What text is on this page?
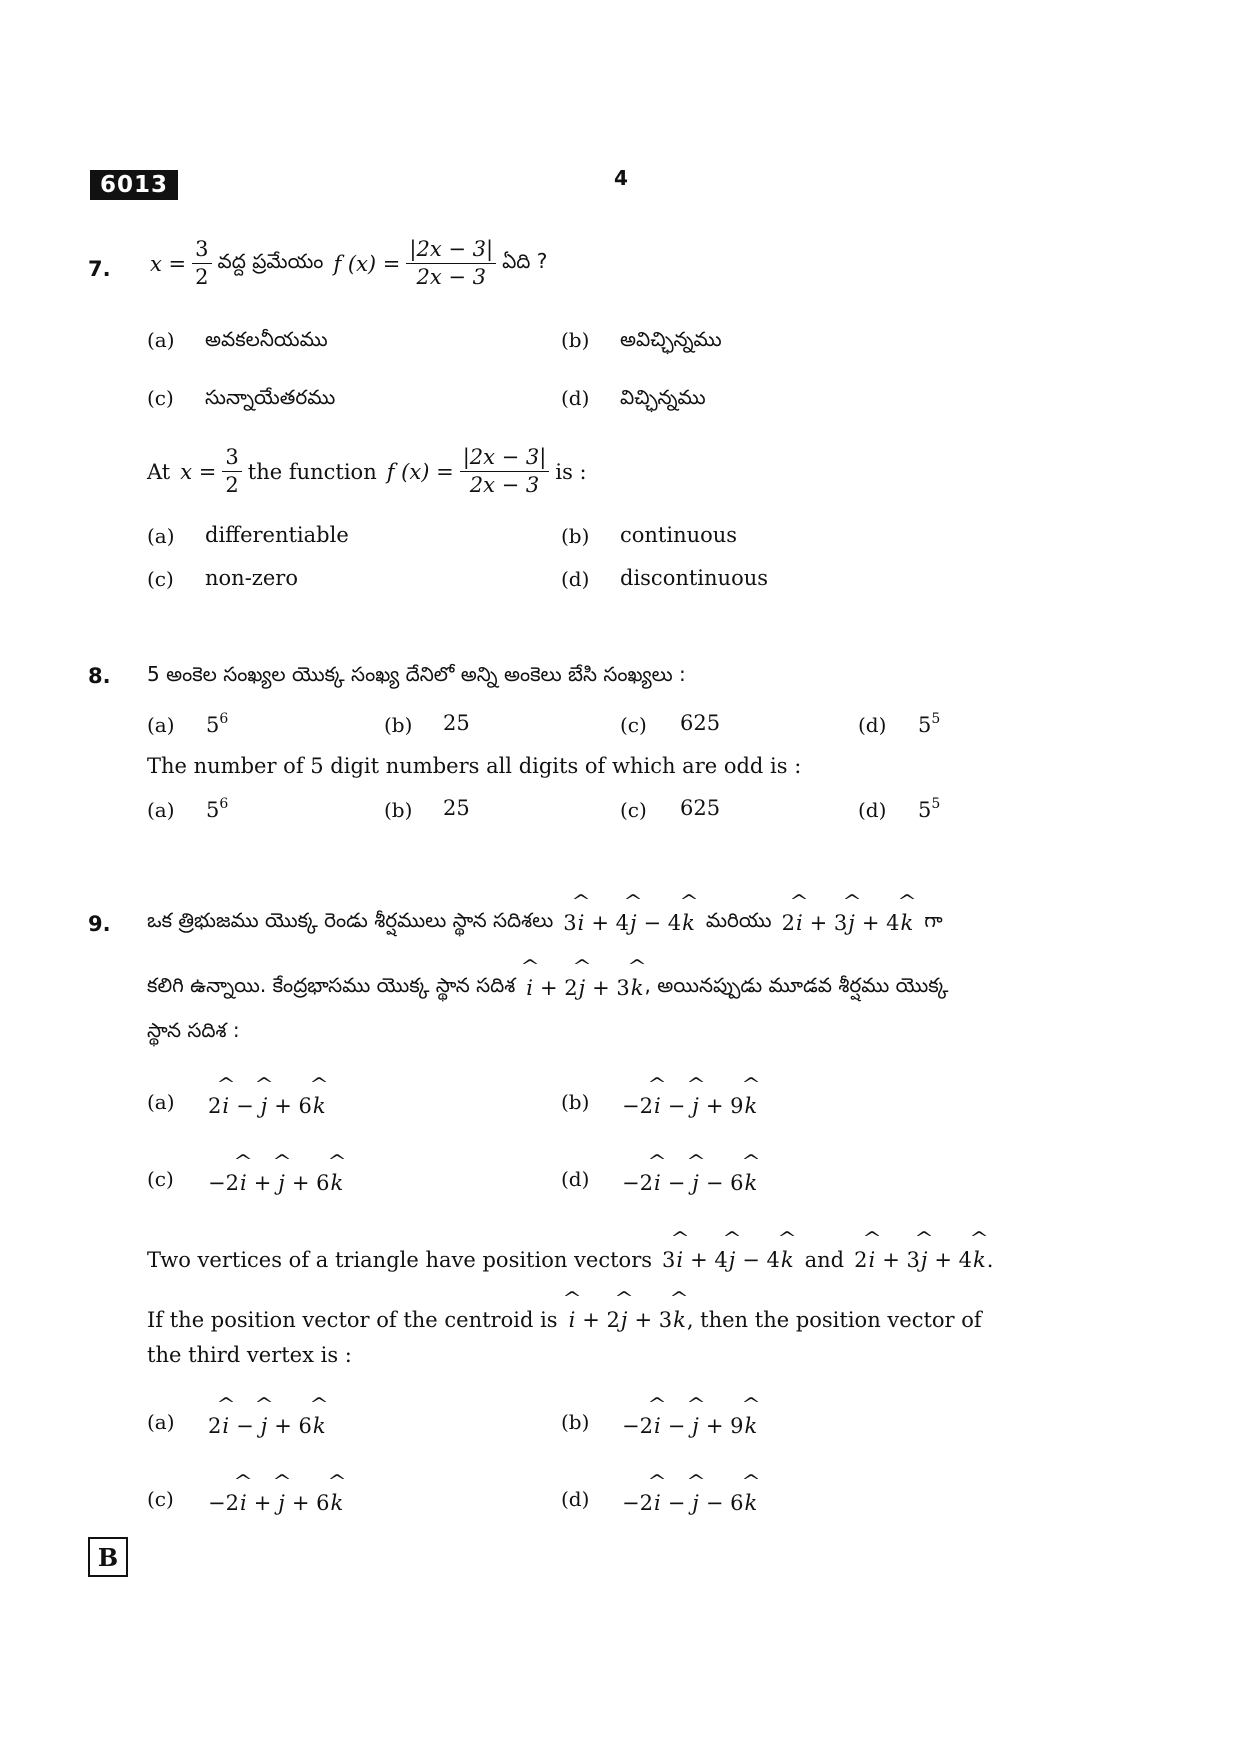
6013	4
7. $x = \frac{3}{2}$ వద్ద ప్రమేయం f $(x) = \frac{|2x - 3|}{2x - 3}$ ఏది ?
(a) అవకలనీయము	(b) అవిచ్ఛిన్నము
(c) సున్నాయేతరము	(d) విచ్ఛిన్నము
At $x = \frac{3}{2}$ the function f $(x) = \frac{|2x - 3|}{2x - 3}$ is :
(a) differentiable	(b) continuous
(c) non-zero	(d) discontinuous
8. 5 అంకెల సంఖ్యల యొక్క సంఖ్య దేనిలో అన్ని అంకెలు బేసి సంఖ్యలు :
(a) $5^6$	(b) 25	(c) 625	(d) $5^5$
The number of 5 digit numbers all digits of which are odd is :
(a) $5^6$	(b) 25	(c) 625	(d) $5^5$
9. ఒక త్రిభుజము యొక్క రెండు శీర్షములు స్థాన సదిశలు 3 ^ i + 4 ^ j − 4 ^ k మరియు 2 ^ i + 3 ^ j + 4 ^ k గా
కలిగి ఉన్నాయి. కేంద్రభాసము యొక్క స్థాన సదిశ ^ i + 2 ^ j + 3 ^ k , అయినప్పుడు మూడవ శీర్షము యొక్క
స్థాన సదిశ :
(a) 2 ^ i − ^ j + 6 ^ k	(b) −2 ^ i − ^ j + 9 ^ k
(c) −2 ^ i + ^ j + 6 ^ k	(d) −2 ^ i − ^ j − 6 ^ k
Two vertices of a triangle have position vectors 3 ^ i + 4 ^ j − 4 ^ k and 2 ^ i + 3 ^ j + 4 ^ k .
If the position vector of the centroid is ^ i + 2 ^ j + 3 ^ k , then the position vector of
the third vertex is :
(a) 2 ^ i − ^ j + 6 ^ k	(b) −2 ^ i − ^ j + 9 ^ k
(c) −2 ^ i + ^ j + 6 ^ k	(d) −2 ^ i − ^ j − 6 ^ k
B
